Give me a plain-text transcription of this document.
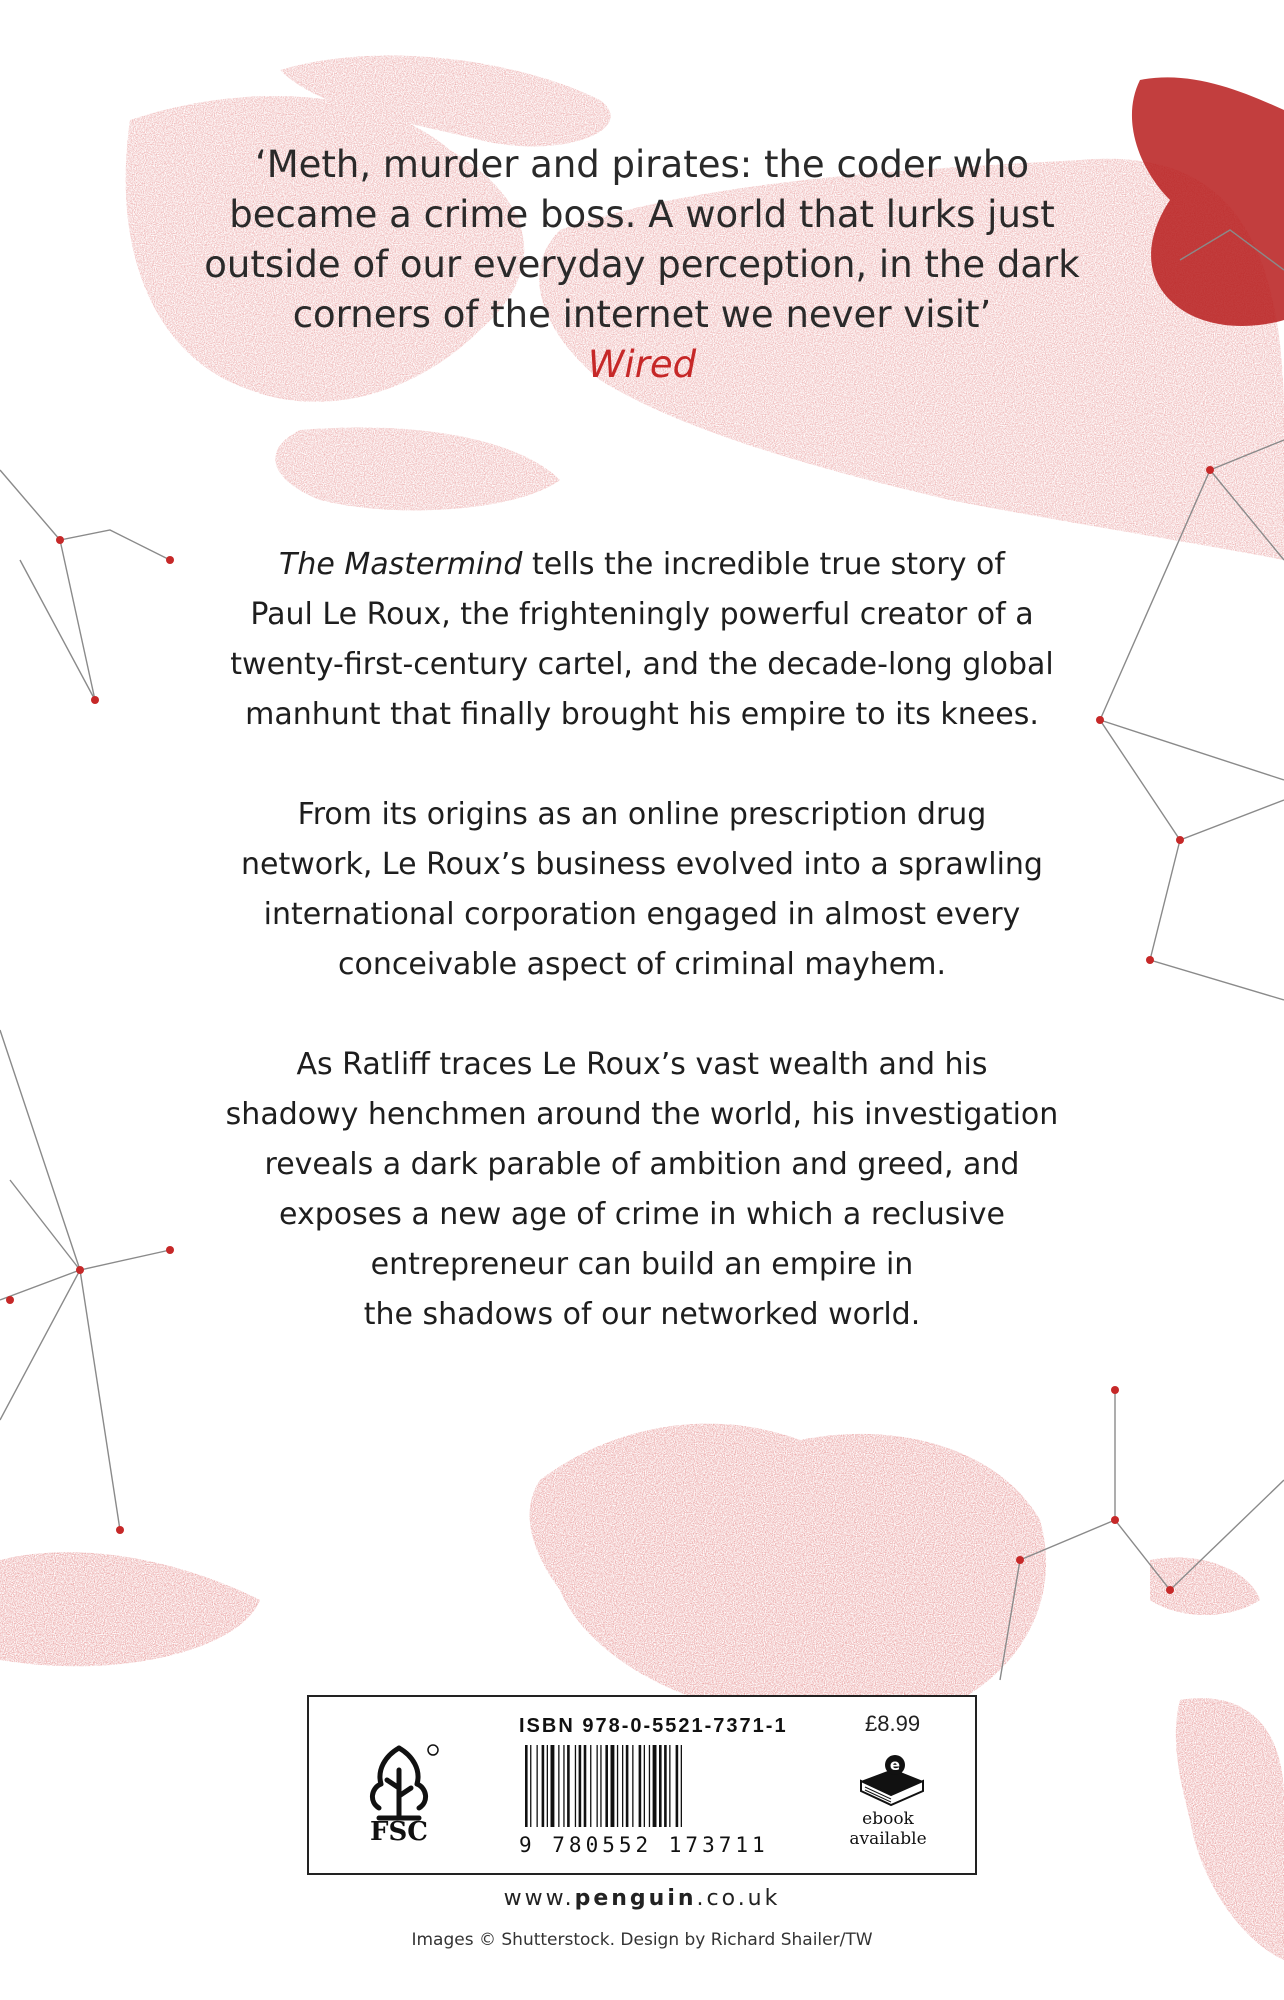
‘Meth, murder and pirates: the coder who
became a crime boss. A world that lurks just
outside of our everyday perception, in the dark
corners of the internet we never visit’
Wired
The Mastermind tells the incredible true story of
Paul Le Roux, the frighteningly powerful creator of a
twenty-first-century cartel, and the decade-long global
manhunt that finally brought his empire to its knees.
From its origins as an online prescription drug
network, Le Roux’s business evolved into a sprawling
international corporation engaged in almost every
conceivable aspect of criminal mayhem.
As Ratliff traces Le Roux’s vast wealth and his
shadowy henchmen around the world, his investigation
reveals a dark parable of ambition and greed, and
exposes a new age of crime in which a reclusive
entrepreneur can build an empire in
the shadows of our networked world.
FSC
ISBN 978-0-5521-7371-1
9 780552 173711
£8.99
e
ebook
available
www.penguin.co.uk
Images © Shutterstock. Design by Richard Shailer/TW
